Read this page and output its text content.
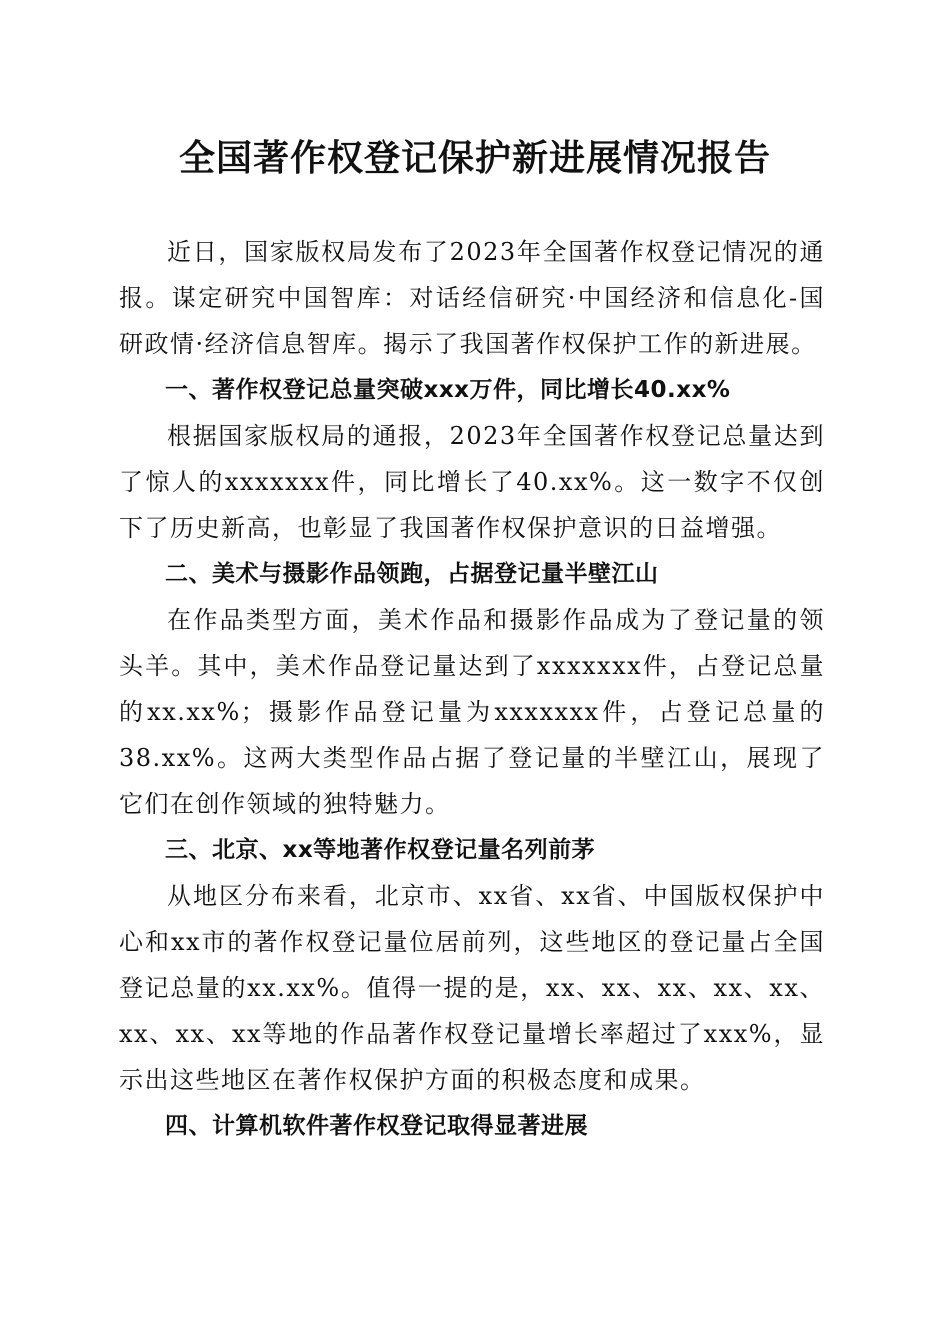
全国著作权登记保护新进展情况报告

近日，国家版权局发布了2023年全国著作权登记情况的通报。谋定研究中国智库：对话经信研究·中国经济和信息化-国研政情·经济信息智库。揭示了我国著作权保护工作的新进展。

一、著作权登记总量突破xxx万件，同比增长40.xx%

根据国家版权局的通报，2023年全国著作权登记总量达到了惊人的xxxxxxx件，同比增长了40.xx%。这一数字不仅创下了历史新高，也彰显了我国著作权保护意识的日益增强。

二、美术与摄影作品领跑，占据登记量半壁江山

在作品类型方面，美术作品和摄影作品成为了登记量的领头羊。其中，美术作品登记量达到了xxxxxxx件，占登记总量的xx.xx%；摄影作品登记量为xxxxxxx件，占登记总量的38.xx%。这两大类型作品占据了登记量的半壁江山，展现了它们在创作领域的独特魅力。

三、北京、xx等地著作权登记量名列前茅

从地区分布来看，北京市、xx省、xx省、中国版权保护中心和xx市的著作权登记量位居前列，这些地区的登记量占全国登记总量的xx.xx%。值得一提的是，xx、xx、xx、xx、xx、xx、xx、xx等地的作品著作权登记量增长率超过了xxx%，显示出这些地区在著作权保护方面的积极态度和成果。

四、计算机软件著作权登记取得显著进展
